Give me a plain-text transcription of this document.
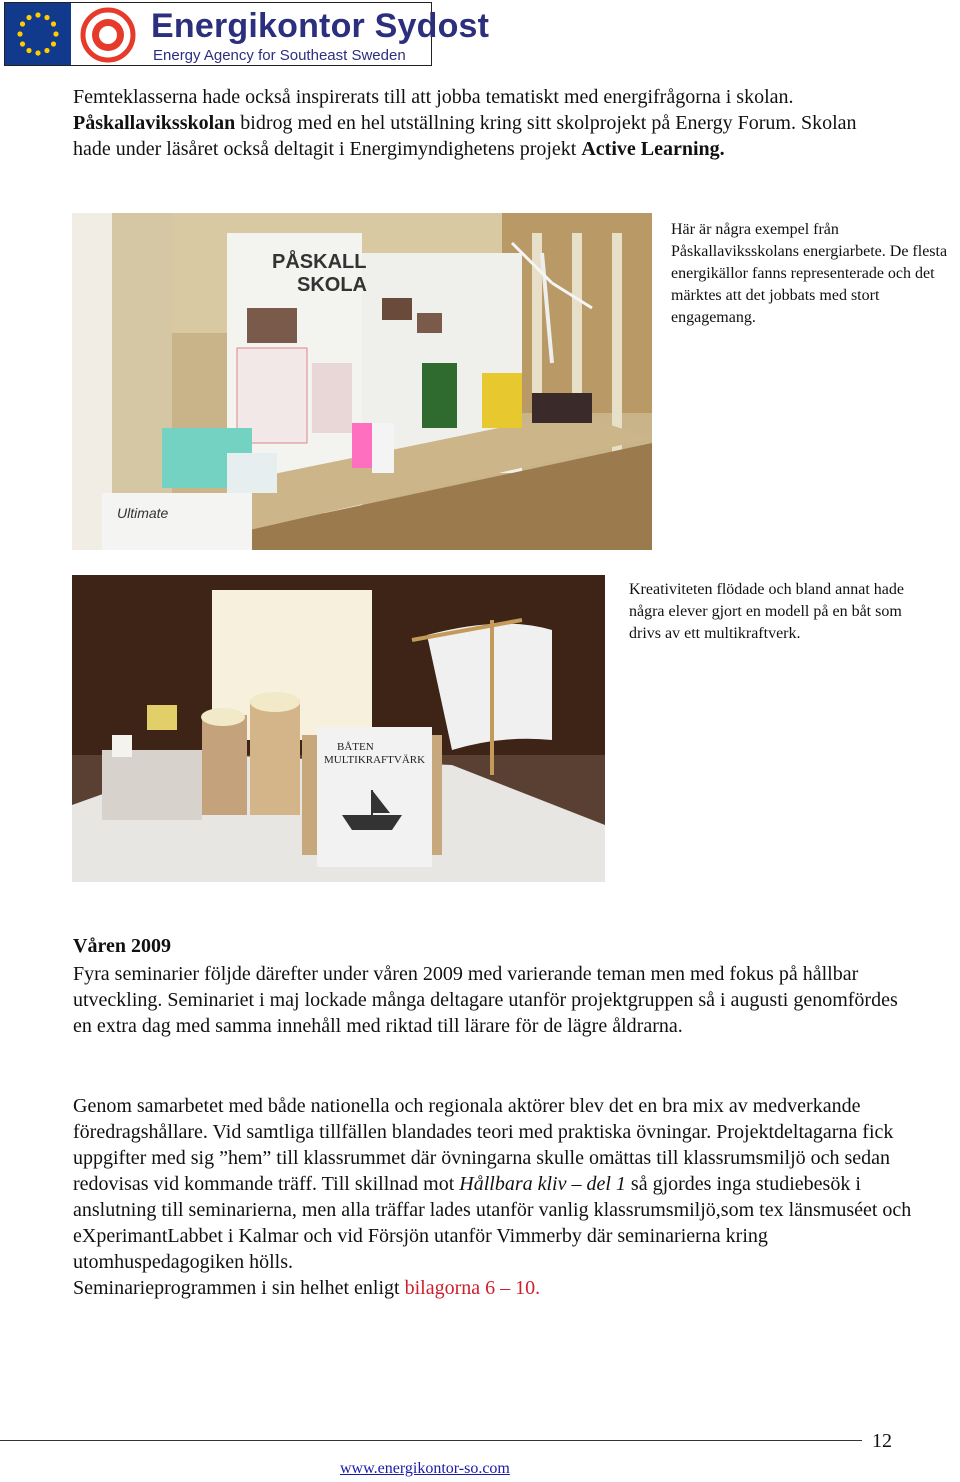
Energikontor Sydost
Energy Agency for Southeast Sweden
Femteklasserna hade också inspirerats till att jobba tematiskt med energifrågorna i skolan. Påskallaviksskolan bidrog med en hel utställning kring sitt skolprojekt på Energy Forum. Skolan hade under läsåret också deltagit i Energimyndighetens projekt Active Learning.
PÅSKALL
SKOLA
Ultimate
Här är några exempel från Påskallaviksskolans energiarbete. De flesta energikällor fanns representerade och det märktes att det jobbats med stort engagemang.
BÅTEN
MULTIKRAFTVÄRK
Kreativiteten flödade och bland annat hade några elever gjort en modell på en båt som drivs av ett multikraftverk.
Våren 2009
Fyra seminarier följde därefter under våren 2009 med varierande teman men med fokus på hållbar utveckling. Seminariet i maj lockade många deltagare utanför projektgruppen så i augusti genomfördes en extra dag med samma innehåll med riktad till lärare för de lägre åldrarna.
Genom samarbetet med både nationella och regionala aktörer blev det en bra mix av medverkande föredragshållare. Vid samtliga tillfällen blandades teori med praktiska övningar. Projektdeltagarna fick uppgifter med sig ”hem” till klassrummet där övningarna skulle omättas till klassrumsmiljö och sedan redovisas vid kommande träff. Till skillnad mot Hållbara kliv – del 1 så gjordes inga studiebesök i anslutning till seminarierna, men alla träffar lades utanför vanlig klassrumsmiljö,som tex länsmuséet och eXperimantLabbet i Kalmar och vid Försjön utanför Vimmerby där seminarierna kring utomhuspedagogiken hölls.
Seminarieprogrammen i sin helhet enligt bilagorna 6 – 10.
12
www.energikontor-so.com
